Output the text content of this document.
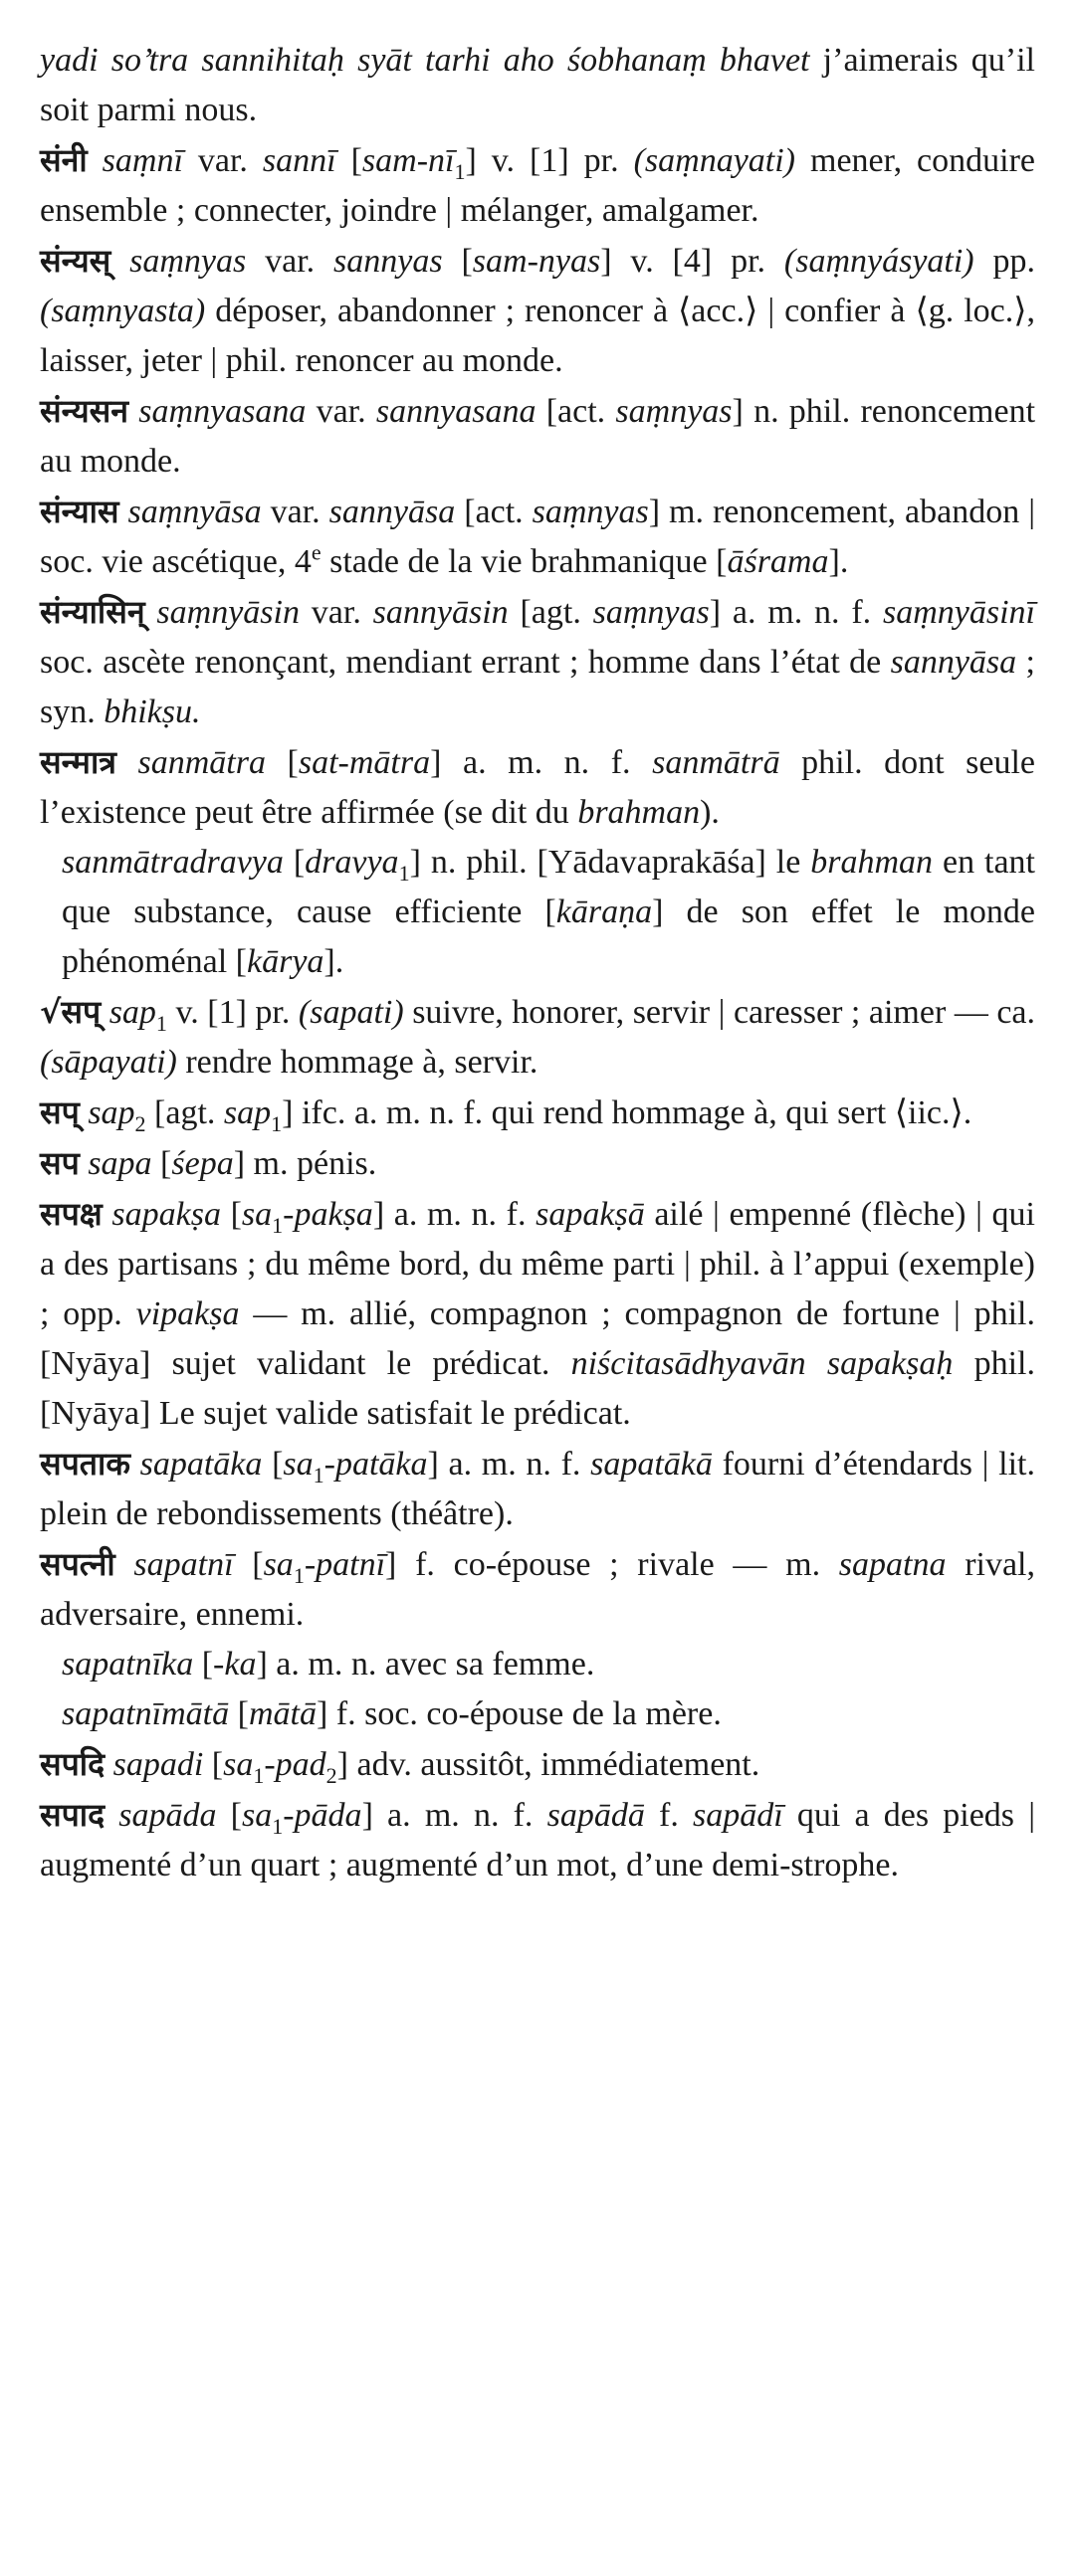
yadi so’tra sannihitaḥ syāt tarhi aho śobhanaṃ bhavet j’aimerais qu’il soit parmi nous.

संनी saṃnī var. sannī $[sam-nī_1]$ v. [1] pr. (saṃnayati) mener, conduire ensemble ; connecter, joindre | mélanger, amalgamer.

संन्यस् saṃnyas var. sannyas [sam-nyas] v. [4] pr. (saṃnyásyati) pp. (saṃnyasta) déposer, abandonner ; renoncer à ⟨acc.⟩ | confier à ⟨g. loc.⟩, laisser, jeter | phil. renoncer au monde.

संन्यसन saṃnyasana var. sannyasana [act. saṃnyas] n. phil. renoncement au monde.

संन्यास saṃnyāsa var. sannyāsa [act. saṃnyas] m. renoncement, abandon | soc. vie ascétique, 4e stade de la vie brahmanique [āśrama].

संन्यासिन् saṃnyāsin var. sannyāsin [agt. saṃnyas] a. m. n. f. saṃnyāsinī soc. ascète renonçant, mendiant errant ; homme dans l’état de sannyāsa ; syn. bhikṣu.

सन्मात्र sanmātra [sat-mātra] a. m. n. f. sanmātrā phil. dont seule l’existence peut être affirmée (se dit du brahman).

sanmātradravya [dravya$_1$] n. phil. [Yādavaprakāśa] le brahman en tant que substance, cause efficiente [kāraṇa] de son effet le monde phénoménal [kārya].

√सप् sap$_1$ v. [1] pr. (sapati) suivre, honorer, servir | caresser ; aimer — ca. (sāpayati) rendre hommage à, servir.

सप् sap$_2$ [agt. sap$_1$] ifc. a. m. n. f. qui rend hommage à, qui sert ⟨iic.⟩.

सप sapa [śepa] m. pénis.

सपक्ष sapakṣa $[sa_1-pakṣa]$ a. m. n. f. sapakṣā ailé | empenné (flèche) | qui a des partisans ; du même bord, du même parti | phil. à l’appui (exemple) ; opp. vipakṣa — m. allié, compagnon ; compagnon de fortune | phil. [Nyāya] sujet validant le prédicat. niścitasādhyavān sapakṣaḥ phil. [Nyāya] Le sujet valide satisfait le prédicat.

सपताक sapatāka $[sa_1-patāka]$ a. m. n. f. sapatākā fourni d’étendards | lit. plein de rebondissements (théâtre).

सपत्नी sapatnī $[sa_1-patnī]$ f. co-épouse ; rivale — m. sapatna rival, adversaire, ennemi.

sapatnīka [-ka] a. m. n. avec sa femme.

sapatnīmātā [mātā] f. soc. co-épouse de la mère.

सपदि sapadi $[sa_1-pad_2]$ adv. aussitôt, immédiatement.

सपाद sapāda $[sa_1-pāda]$ a. m. n. f. sapādā f. sapādī qui a des pieds | augmenté d’un quart ; augmenté d’un mot, d’une demi-strophe.
